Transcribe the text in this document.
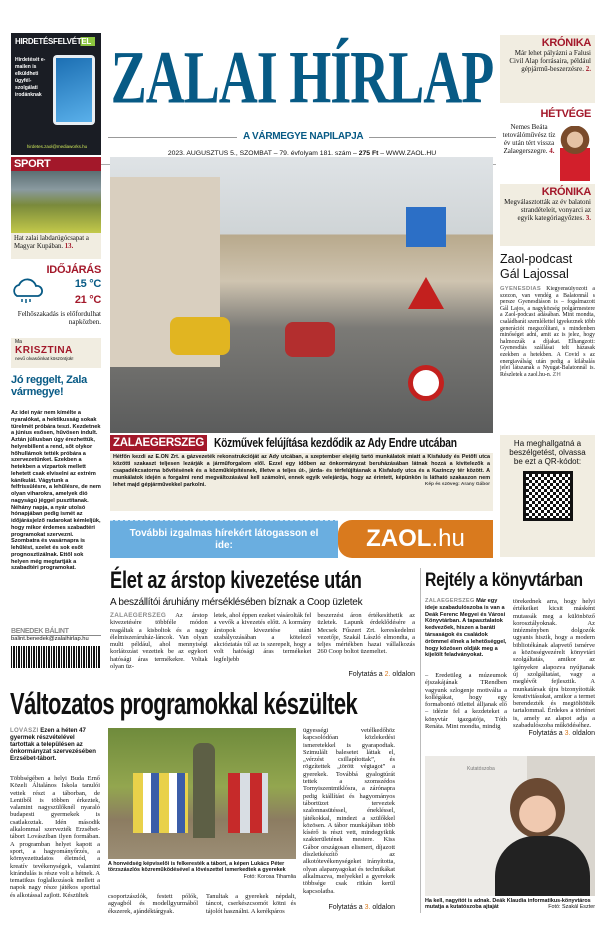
HIRDETÉSFELVÉTEL
Hirdetését e-mailen is elküldheti ügyfél-szolgálati irodánknak
hirdetes.zaol@mediaworks.hu
ZALAI HÍRLAP
A VÁRMEGYE NAPILAPJA
2023. AUGUSZTUS 5., SZOMBAT – 79. évfolyam 181. szám – 275 Ft – WWW.ZAOL.HU
KRÓNIKA
Már lehet pályázni a Falusi Civil Alap forrásaira, például gépjármű-beszerzésre. 2.
HÉTVÉGE
Nemes Beáta tetoválóművész tíz év után tért vissza Zalaegerszegre. 4.
KRÓNIKA
Megválasztották az év balatoni strandételeit, vonyarci az egyik kategóriagyőztes. 3.
Zaol-podcast Gál Lajossal
GYENESDIÁS Kiegyensúlyozott a szezon, van vendég a Balatonnál s persze Gyenesdiáson is – fogalmazott Gál Lajos, a nagyközség polgármestere a Zaol-podcast adásában. Mint mondta, családbarát szemlélettel igyekeznek több generációt megszólítani, s mindenben minőséget adni, amit az is jelez, hogy halmozzák a díjakat. Elhangzott: Gyenesdiás szállásai telt házasak ezekben a hetekben. A Covid s az energiaválság után pedig a kilábalás jelei látszanak a Nyugat-Balatonnál is. Részletek a zaol.hu-n. ZH
Ha meghallgatná a beszélgetést, olvassa be ezt a QR-kódot:
SPORT
Hat zalai labdarúgócsapat a Magyar Kupában. 13.
IDŐJÁRÁS
15 °C
21 °C
Felhőszakadás is előfordulhat napközben.
Ma
KRISZTINA
nevű olvasóinkat köszöntjük!
Jó reggelt, Zala vármegye!
Az idei nyár nem kímélte a nyaralókat, a hektikusság sokak türelmét próbára teszi. Kezdetnek a június esősen, hűvösen indult. Aztán júliusban úgy érezhettük, helyrebillent a rend, sőt olykor hőhullámok tették próbára a szervezetünket. Ezekben a hetekben a vízpartok mellett lehetett csak elviselni az extrém kánikulát. Vágytunk a felfrissülésre, a lehűlésre, de nem olyan viharokra, amelyek dió nagyságú jéggel pusztítanak. Néhány napja, a nyár utolsó hónapjában pedig ismét az időjárásjelző radarokat kémleljük, hogy mikor érdemes szabadtéri programokat szervezni. Szombatra és vasárnapra is lehűlést, szelet és sok esőt prognosztizálnak. Ettől sok helyen még megtartják a szabadtéri programokat.
BENEDEK BÁLINT
balint.benedek@zalaihirlap.hu
ZALAEGERSZEG Közművek felújítása kezdődik az Ady Endre utcában
Hétfőn kezdi az E.ON Zrt. a gázvezeték rekonstrukcióját az Ady utcában, a szeptember elejéig tartó munkálatok miatt a Kisfaludy és Petőfi utca közötti szakaszt teljesen lezárják a járműforgalom elől. Ezzel egy időben az önkormányzat beruházásában látnak hozzá a kivitelezők a csapadékcsatorna bővítésének és a közműkiépítésnek, illetve a teljes út-, járda- és térfelújításnak a Kisfaludy utca és a Kazinczy tér között. A munkálatok idején a forgalmi rend megváltozásával kell számolni, ennek egyik velejárója, hogy az érintett, képünkön is látható szakaszon nem lehet majd gépjárművekkel parkolni.	Kép és szöveg: Arany Gábor
További izgalmas hírekért látogasson el ide:	ZAOL.hu
Élet az árstop kivezetése után
A beszállítói áruhiány mérséklésében bíznak a Coop üzletek
ZALAEGERSZEG Az árstop kivezetésére többféle módon reagáltak a kisboltok és a nagy élelmiszeráruház-láncok. Van olyan multi például, ahol mennyiségi korlátozást vezettek be az egykori hatósági áras termékekre. Voltak olyan üz-
letek, ahol éppen ezeket vásárolták fel a vevők a kivezetés előtt. A kormány árstopok kivezetése utáni szabályozásában a kötelező akcióztatás túl az is szerepelt, hogy a volt hatósági áras termékeket legfeljebb
beszerzési áron értékesíthetik az üzletek. Lapunk érdeklődésére a Mecsek Fűszert Zrt. kereskedelmi vezetője, Szakál László elmondta, a teljes mértékben hazai vállalkozás 260 Coop boltot üzemeltet.
Folytatás a 2. oldalon
Rejtély a könyvtárban
ZALAEGERSZEG Már egy ideje szabadulószoba is van a Deák Ferenc Megyei és Városi Könyvtárban. A tapasztalatok kedvezőek, hiszen a baráti társaságok és családok örömmel élnek a lehetőséggel, hogy közösen oldják meg a kijelölt feladványokat.
– Eredetileg a múzeumok éjszakájának TRendben vagyunk szlogenje motiválta a kollégákat, hogy egy formabontó ötlettel álljanak elő – idézte fel a kezdeteket a könyvtár igazgatója, Tóth Renáta. Mint mondta, mindig
törekednek arra, hogy helyi értékeiket kicsit másként mutassák meg a különböző korosztályoknak. Az intézményben dolgozók ugyanis hiszik, hogy a modern bibliotékának alapvető ismérve a közösségvezérelt könyvtári szolgáltatás, amikor az igényekre alapozva nyújtanak új szolgáltatást, vagy a meglévőt fejlesztik. A munkatársak újra bizonyították kreativitásukat, amikor a termet berendezték és megtöltötték tartalommal. Érdekes a történet is, amely az alapot adja a szabadulószoba működéséhez.
Folytatás a 3. oldalon
Kutatószoba
Ha kell, nagyítót is adnak. Deák Klaudia informatikus-könyvtáros mutatja a kutatószoba ajtaját	Fotó: Szakál Eszter
Változatos programokkal készültek
LOVÁSZI Ezen a héten 47 gyermek részvételével tartottak a településen az önkormányzat szervezésében Erzsébet-tábort.
Többségében a helyi Buda Ernő Közeli Általános Iskola tanulói vettek részt a táborban, de Lentiből is többen érkeztek, valamint nagyszülőknél nyaraló budapesti gyermekek is csatlakoztak. Idén második alkalommal szervezték Erzsébet-tábort Lovásziban ilyen formában. A programban helyet kapott a sport, a hagyományőrzés, a környezettudatos életmód, a kreatív tevékenységek, valamint kirándulás is része volt a hétnek. A tematikus foglalkozások mellett a napok nagy része játékos sporttal és alkotással zajlott. Készültek
A honvédség képviselői is felkeresték a tábort, a képen Lukács Péter törzszászlós közreműködésével a lövészettel ismerkedtek a gyerekek
Fotó: Korosa Tihamlia
csoportzászlók, festett pólók, agyagból és modellgyurmából ékszerek, ajándéktárgyak.
Tanultak a gyerekek népdalt, táncot, cserkészcsomót kötni és tájolót használni. A kerékpáros
ügyességi vetélkedőhöz kapcsolódóan közlekedési ismeretekkel is gyarapodtak. Szimulált balesetet láttak el, „vérzést csillapítottak”, és rögzítettek „törött végtagot” a gyerekek. Továbbá gyalogtúrát tettek a szomszédos Tornyiszentmiklósra, a zárónapra pedig kiállítást és hagyományos tábortüzet terveztek szalonnasütéssel, énekléssel, játékokkal, mindezt a szülőkkel közösen. A tábor munkájában több kísérő is részt vett, mindegyikük szakterületének mestere. Kiss Gábor országosan elismert, díjazott díszletkészítő az alkotótevékenységeket irányította, olyan alapanyagokat és technikákat alkalmazva, melyekkel a gyerekek többsége csak ritkán kerül kapcsolatba.
Folytatás a 3. oldalon
